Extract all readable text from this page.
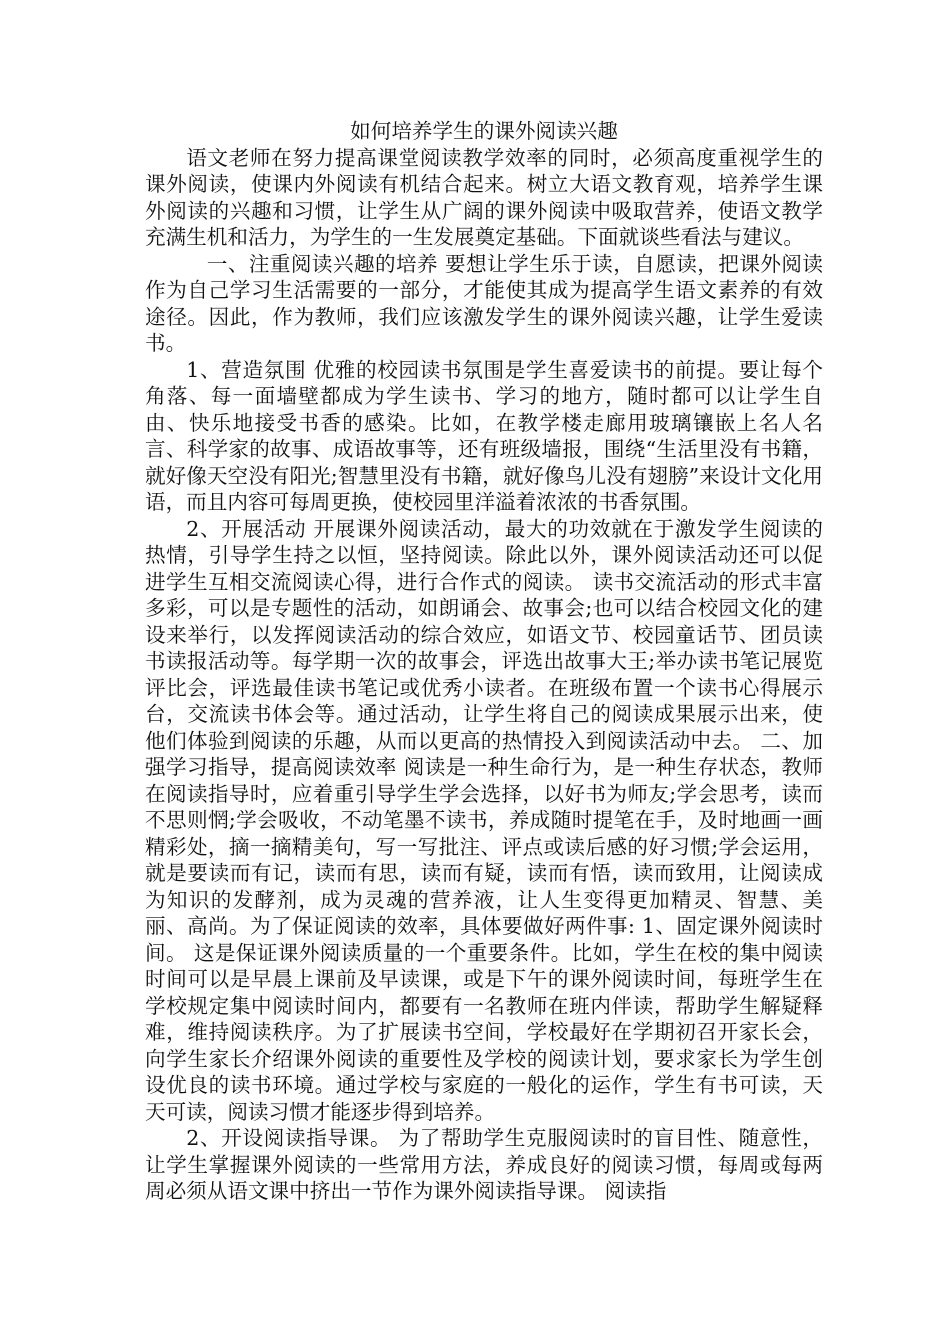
如何培养学生的课外阅读兴趣

语文老师在努力提高课堂阅读教学效率的同时，必须高度重视学生的课外阅读，使课内外阅读有机结合起来。树立大语文教育观，培养学生课外阅读的兴趣和习惯，让学生从广阔的课外阅读中吸取营养，使语文教学充满生机和活力，为学生的一生发展奠定基础。下面就谈些看法与建议。

一、注重阅读兴趣的培养 要想让学生乐于读，自愿读，把课外阅读作为自己学习生活需要的一部分，才能使其成为提高学生语文素养的有效途径。因此，作为教师，我们应该激发学生的课外阅读兴趣，让学生爱读书。

1、营造氛围 优雅的校园读书氛围是学生喜爱读书的前提。要让每个角落、每一面墙壁都成为学生读书、学习的地方，随时都可以让学生自由、快乐地接受书香的感染。比如，在教学楼走廊用玻璃镶嵌上名人名言、科学家的故事、成语故事等，还有班级墙报，围绕“生活里没有书籍，就好像天空没有阳光;智慧里没有书籍，就好像鸟儿没有翅膀”来设计文化用语，而且内容可每周更换，使校园里洋溢着浓浓的书香氛围。

2、开展活动 开展课外阅读活动，最大的功效就在于激发学生阅读的热情，引导学生持之以恒，坚持阅读。除此以外，课外阅读活动还可以促进学生互相交流阅读心得，进行合作式的阅读。 读书交流活动的形式丰富多彩，可以是专题性的活动，如朗诵会、故事会;也可以结合校园文化的建设来举行，以发挥阅读活动的综合效应，如语文节、校园童话节、团员读书读报活动等。每学期一次的故事会，评选出故事大王;举办读书笔记展览评比会，评选最佳读书笔记或优秀小读者。在班级布置一个读书心得展示台，交流读书体会等。通过活动，让学生将自己的阅读成果展示出来，使他们体验到阅读的乐趣，从而以更高的热情投入到阅读活动中去。 二、加强学习指导，提高阅读效率 阅读是一种生命行为，是一种生存状态，教师在阅读指导时，应着重引导学生学会选择，以好书为师友;学会思考，读而不思则惘;学会吸收，不动笔墨不读书，养成随时提笔在手，及时地画一画精彩处，摘一摘精美句，写一写批注、评点或读后感的好习惯;学会运用，就是要读而有记，读而有思，读而有疑，读而有悟，读而致用，让阅读成为知识的发酵剂，成为灵魂的营养液，让人生变得更加精灵、智慧、美丽、高尚。为了保证阅读的效率，具体要做好两件事: 1、固定课外阅读时间。 这是保证课外阅读质量的一个重要条件。比如，学生在校的集中阅读时间可以是早晨上课前及早读课，或是下午的课外阅读时间，每班学生在学校规定集中阅读时间内，都要有一名教师在班内伴读，帮助学生解疑释难，维持阅读秩序。为了扩展读书空间，学校最好在学期初召开家长会，向学生家长介绍课外阅读的重要性及学校的阅读计划，要求家长为学生创设优良的读书环境。通过学校与家庭的一般化的运作，学生有书可读，天天可读，阅读习惯才能逐步得到培养。

2、开设阅读指导课。 为了帮助学生克服阅读时的盲目性、随意性，让学生掌握课外阅读的一些常用方法，养成良好的阅读习惯，每周或每两周必须从语文课中挤出一节作为课外阅读指导课。 阅读指
